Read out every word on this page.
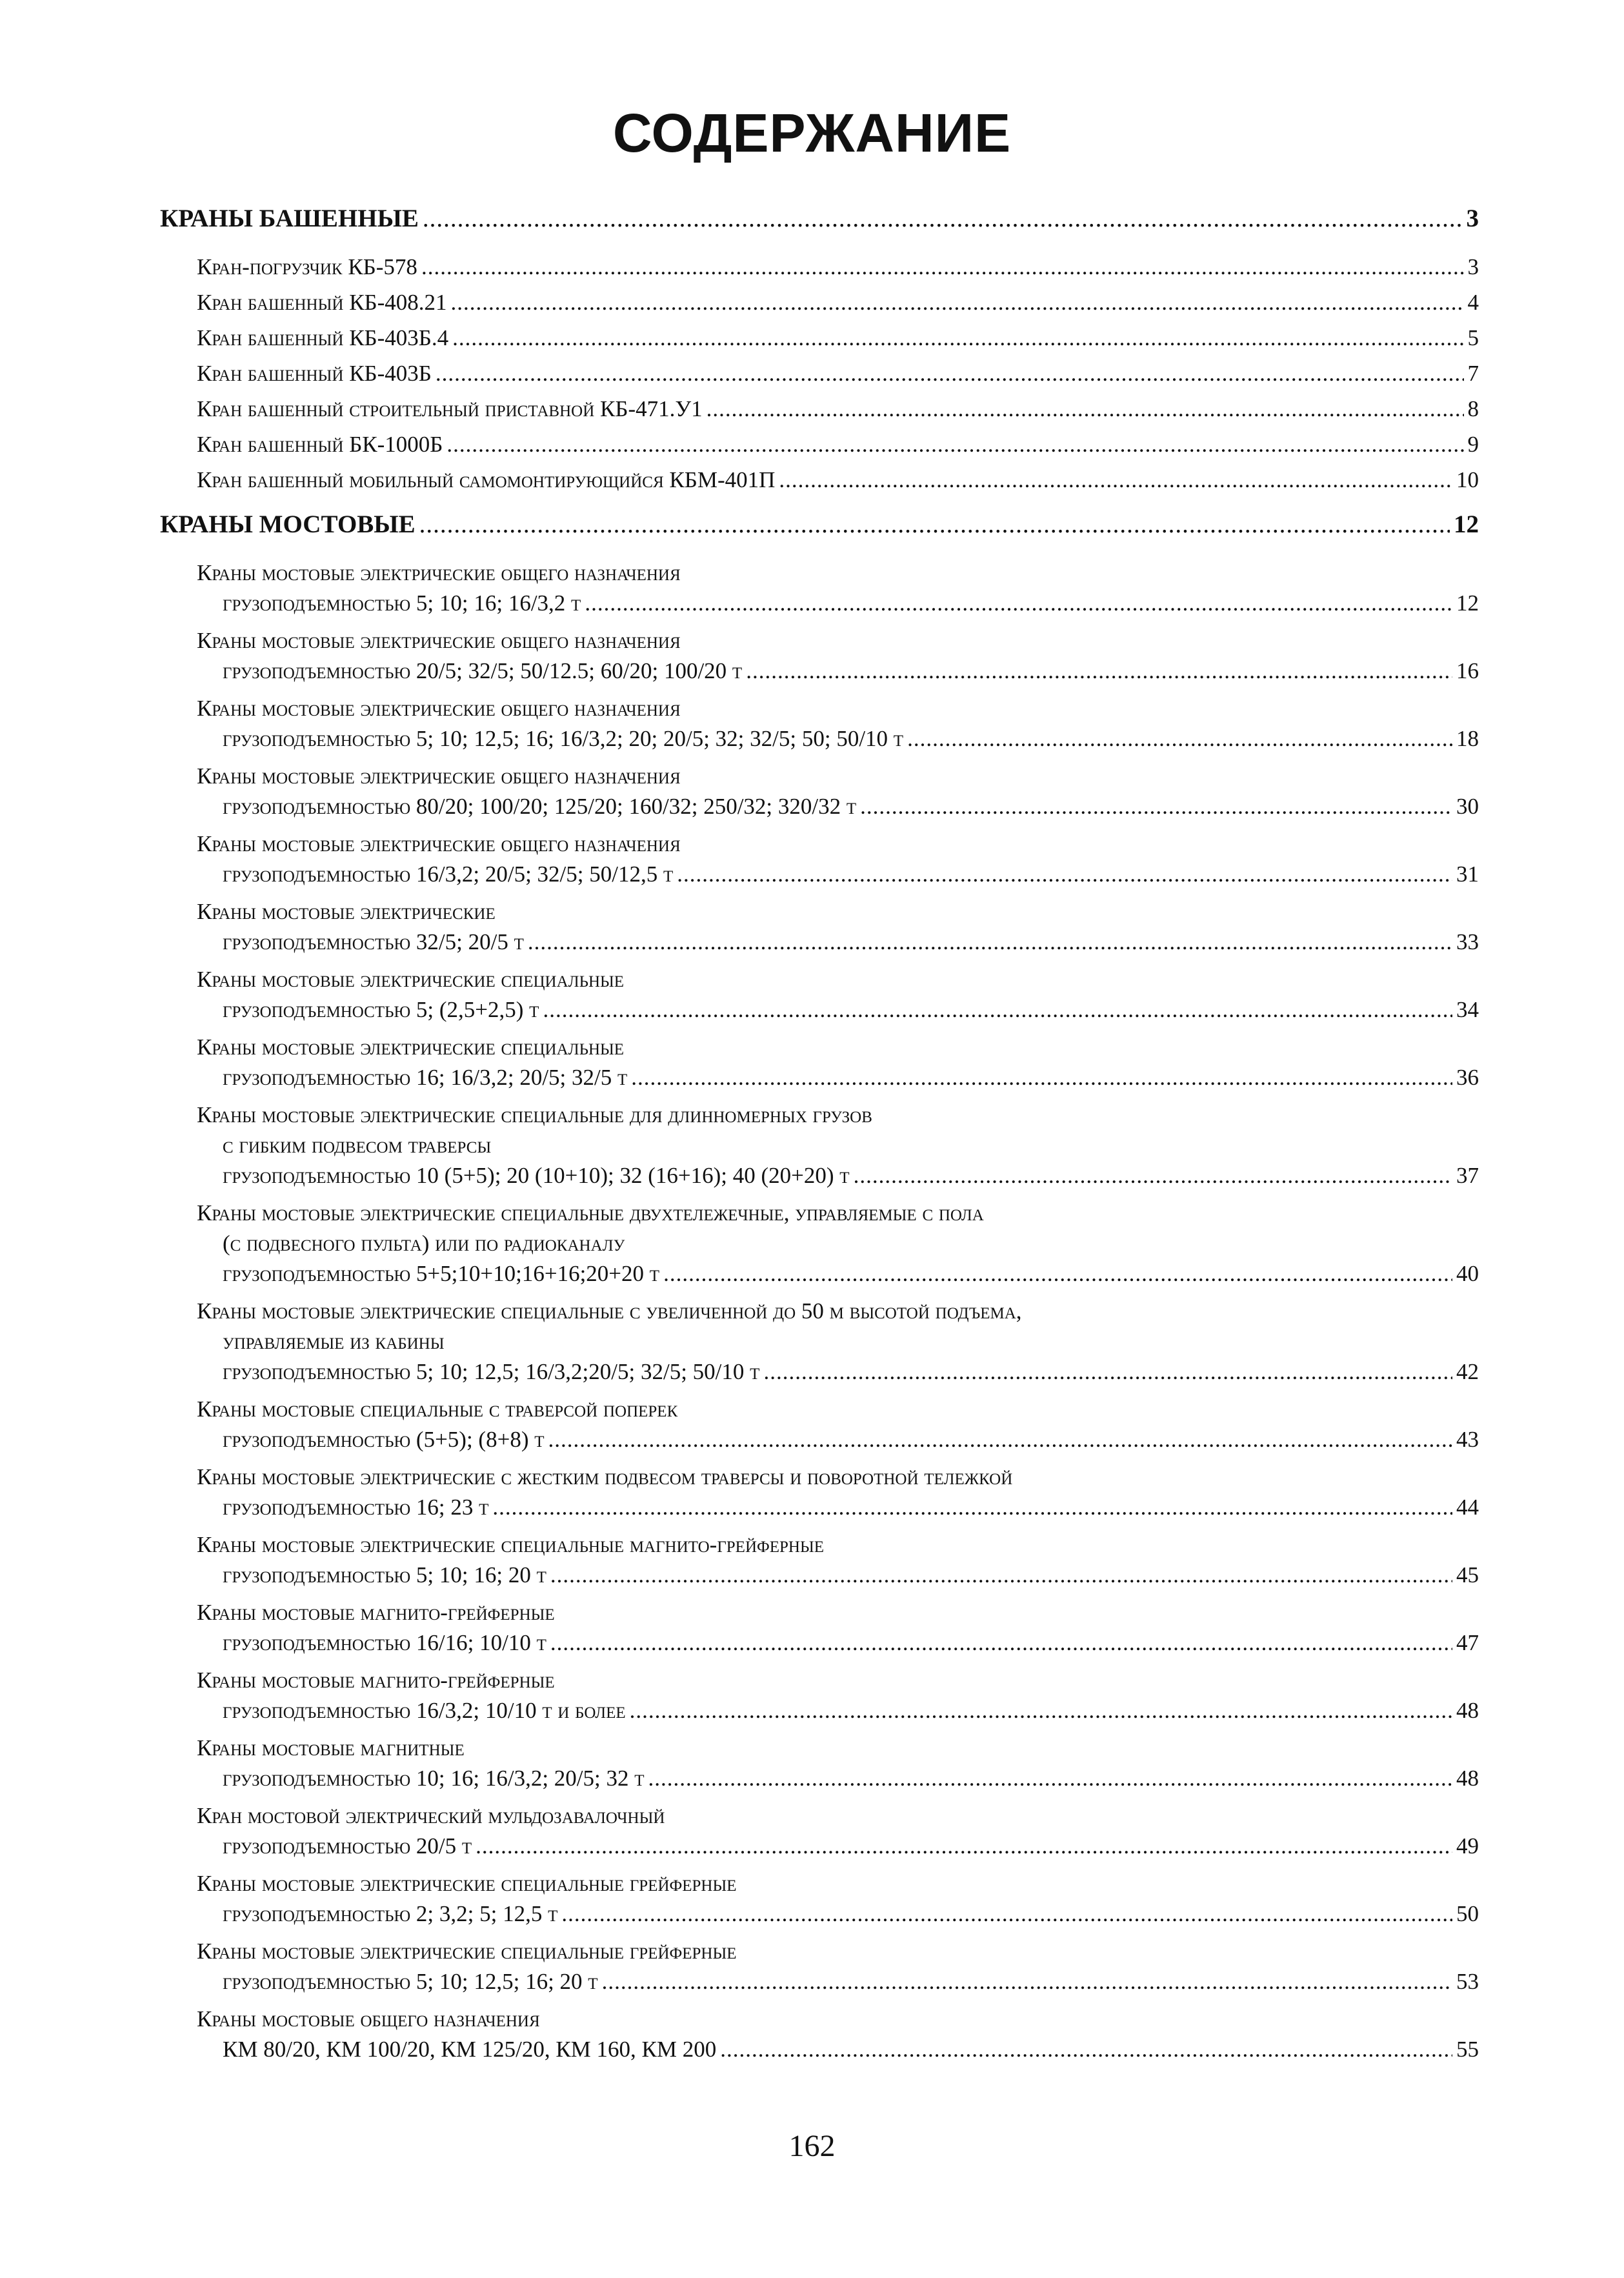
СОДЕРЖАНИЕ
КРАНЫ БАШЕННЫЕ .....	3
Кран-погрузчик КБ-578 .....	3
Кран башенный КБ-408.21 .....	4
Кран башенный КБ-403Б.4 .....	5
Кран башенный КБ-403Б .....	7
Кран башенный строительный приставной КБ-471.У1 .....	8
Кран башенный БК-1000Б .....	9
Кран башенный мобильный самомонтирующийся КБМ-401П .....	10
КРАНЫ МОСТОВЫЕ .....	12
Краны мостовые электрические общего назначения
грузоподъемностью 5; 10; 16; 16/3,2 т .....	12
Краны мостовые электрические общего назначения
грузоподъемностью 20/5; 32/5; 50/12.5; 60/20; 100/20 т .....	16
Краны мостовые электрические общего назначения
грузоподъемностью 5; 10; 12,5; 16; 16/3,2; 20; 20/5; 32; 32/5; 50; 50/10 т .....	18
Краны мостовые электрические общего назначения
грузоподъемностью 80/20; 100/20; 125/20; 160/32; 250/32; 320/32 т .....	30
Краны мостовые электрические общего назначения
грузоподъемностью 16/3,2; 20/5; 32/5; 50/12,5 т .....	31
Краны мостовые электрические
грузоподъемностью 32/5; 20/5 т .....	33
Краны мостовые электрические специальные
грузоподъемностью 5; (2,5+2,5) т .....	34
Краны мостовые электрические специальные
грузоподъемностью 16; 16/3,2; 20/5; 32/5 т .....	36
Краны мостовые электрические специальные для длинномерных грузов
с гибким подвесом траверсы
грузоподъемностью 10 (5+5); 20 (10+10); 32 (16+16); 40 (20+20) т .....	37
Краны мостовые электрические специальные двухтележечные, управляемые с пола
(с подвесного пульта) или по радиоканалу
грузоподъемностью 5+5;10+10;16+16;20+20 т .....	40
Краны мостовые электрические специальные с увеличенной до 50 м высотой подъема,
управляемые из кабины
грузоподъемностью 5; 10; 12,5; 16/3,2;20/5; 32/5; 50/10 т .....	42
Краны мостовые специальные с траверсой поперек
грузоподъемностью (5+5); (8+8) т .....	43
Краны мостовые электрические с жестким подвесом траверсы и поворотной тележкой
грузоподъемностью 16; 23 т .....	44
Краны мостовые электрические специальные магнито-грейферные
грузоподъемностью 5; 10; 16; 20 т .....	45
Краны мостовые магнито-грейферные
грузоподъемностью 16/16; 10/10 т .....	47
Краны мостовые магнито-грейферные
грузоподъемностью 16/3,2; 10/10 т и более .....	48
Краны мостовые магнитные
грузоподъемностью 10; 16; 16/3,2; 20/5; 32 т .....	48
Кран мостовой электрический мульдозавалочный
грузоподъемностью 20/5 т .....	49
Краны мостовые электрические специальные грейферные
грузоподъемностью 2; 3,2; 5; 12,5 т .....	50
Краны мостовые электрические специальные грейферные
грузоподъемностью 5; 10; 12,5; 16; 20 т .....	53
Краны мостовые общего назначения
КМ 80/20, КМ 100/20, КМ 125/20, КМ 160, КМ 200 .....	55
162
